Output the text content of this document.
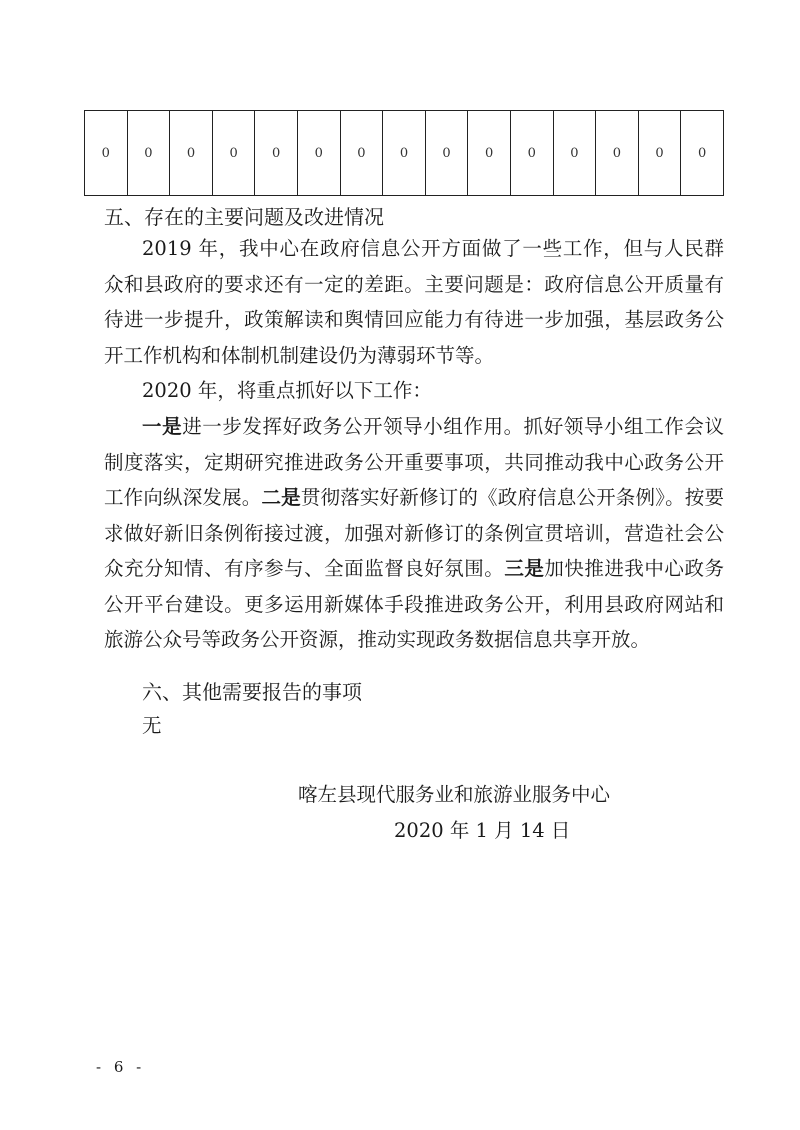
0	0	0	0	0	0	0	0	0	0	0	0	0	0	0
五、存在的主要问题及改进情况

2019 年，我中心在政府信息公开方面做了一些工作，但与人民群众和县政府的要求还有一定的差距。主要问题是：政府信息公开质量有待进一步提升，政策解读和舆情回应能力有待进一步加强，基层政务公开工作机构和体制机制建设仍为薄弱环节等。

2020 年，将重点抓好以下工作：

一是进一步发挥好政务公开领导小组作用。抓好领导小组工作会议制度落实，定期研究推进政务公开重要事项，共同推动我中心政务公开工作向纵深发展。二是贯彻落实好新修订的《政府信息公开条例》。按要求做好新旧条例衔接过渡，加强对新修订的条例宣贯培训，营造社会公众充分知情、有序参与、全面监督良好氛围。三是加快推进我中心政务公开平台建设。更多运用新媒体手段推进政务公开，利用县政府网站和旅游公众号等政务公开资源，推动实现政务数据信息共享开放。

六、其他需要报告的事项

无

喀左县现代服务业和旅游业服务中心

2020 年 1 月 14 日

- 6 -
